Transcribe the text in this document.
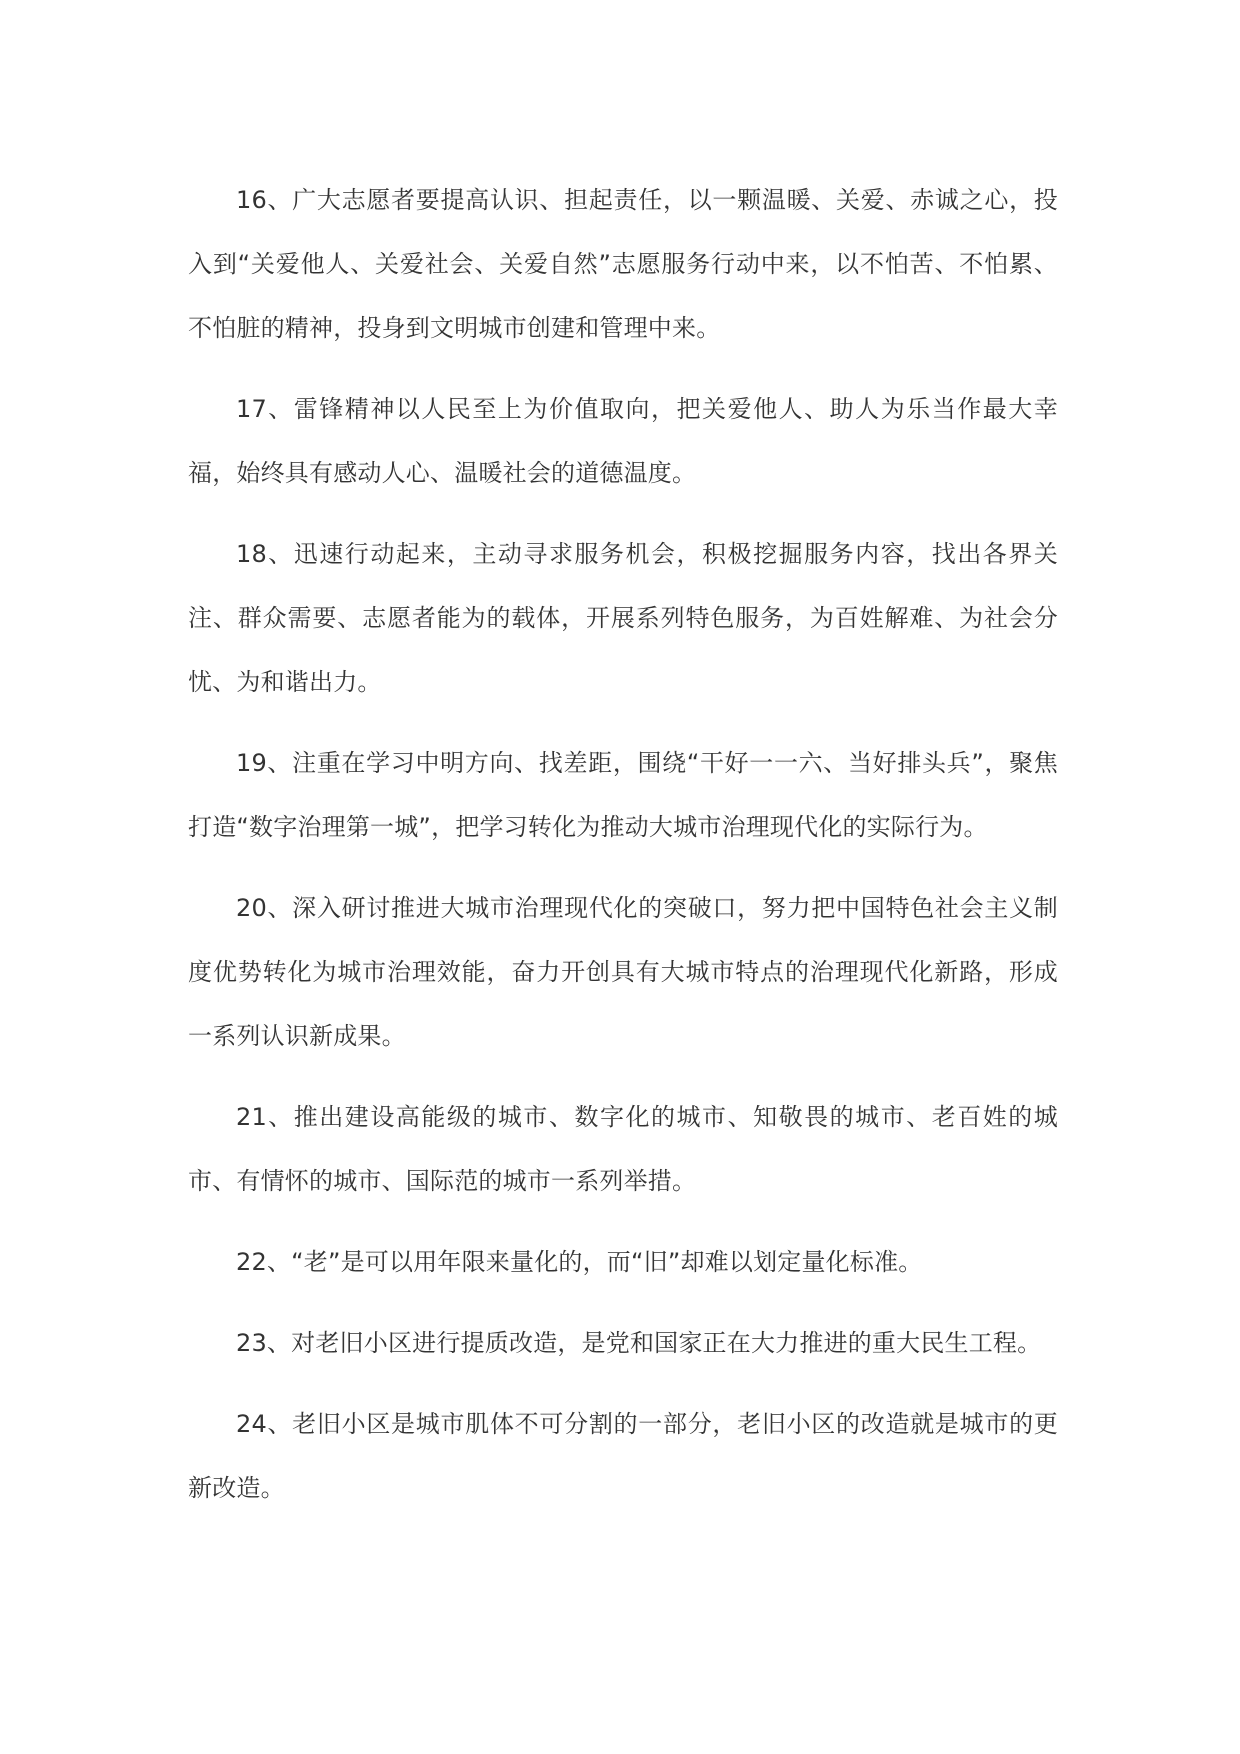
16、广大志愿者要提高认识、担起责任，以一颗温暖、关爱、赤诚之心，投入到“关爱他人、关爱社会、关爱自然”志愿服务行动中来，以不怕苦、不怕累、不怕脏的精神，投身到文明城市创建和管理中来。

17、雷锋精神以人民至上为价值取向，把关爱他人、助人为乐当作最大幸福，始终具有感动人心、温暖社会的道德温度。

18、迅速行动起来，主动寻求服务机会，积极挖掘服务内容，找出各界关注、群众需要、志愿者能为的载体，开展系列特色服务，为百姓解难、为社会分忧、为和谐出力。

19、注重在学习中明方向、找差距，围绕“干好一一六、当好排头兵”，聚焦打造“数字治理第一城”，把学习转化为推动大城市治理现代化的实际行为。

20、深入研讨推进大城市治理现代化的突破口，努力把中国特色社会主义制度优势转化为城市治理效能，奋力开创具有大城市特点的治理现代化新路，形成一系列认识新成果。

21、推出建设高能级的城市、数字化的城市、知敬畏的城市、老百姓的城市、有情怀的城市、国际范的城市一系列举措。

22、“老”是可以用年限来量化的，而“旧”却难以划定量化标准。

23、对老旧小区进行提质改造，是党和国家正在大力推进的重大民生工程。

24、老旧小区是城市肌体不可分割的一部分，老旧小区的改造就是城市的更新改造。
